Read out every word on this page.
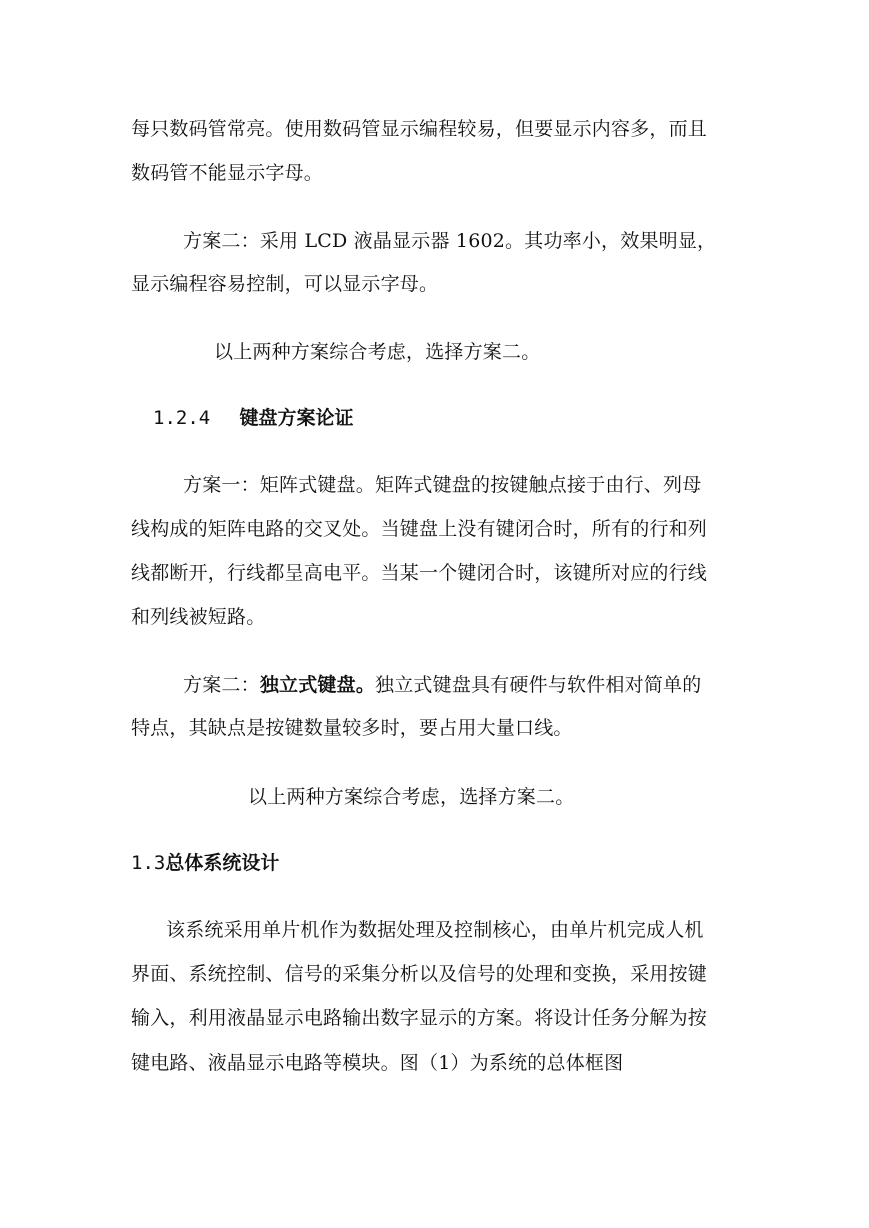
每只数码管常亮。使用数码管显示编程较易，但要显示内容多，而且
数码管不能显示字母。
方案二：采用 LCD 液晶显示器 1602。其功率小，效果明显，
显示编程容易控制，可以显示字母。
以上两种方案综合考虑，选择方案二。
1.2.4 键盘方案论证
方案一：矩阵式键盘。矩阵式键盘的按键触点接于由行、列母
线构成的矩阵电路的交叉处。当键盘上没有键闭合时，所有的行和列
线都断开，行线都呈高电平。当某一个键闭合时，该键所对应的行线
和列线被短路。
方案二：独立式键盘。独立式键盘具有硬件与软件相对简单的
特点，其缺点是按键数量较多时，要占用大量口线。
以上两种方案综合考虑，选择方案二。
1.3总体系统设计
该系统采用单片机作为数据处理及控制核心，由单片机完成人机
界面、系统控制、信号的采集分析以及信号的处理和变换，采用按键
输入，利用液晶显示电路输出数字显示的方案。将设计任务分解为按
键电路、液晶显示电路等模块。图（1）为系统的总体框图
